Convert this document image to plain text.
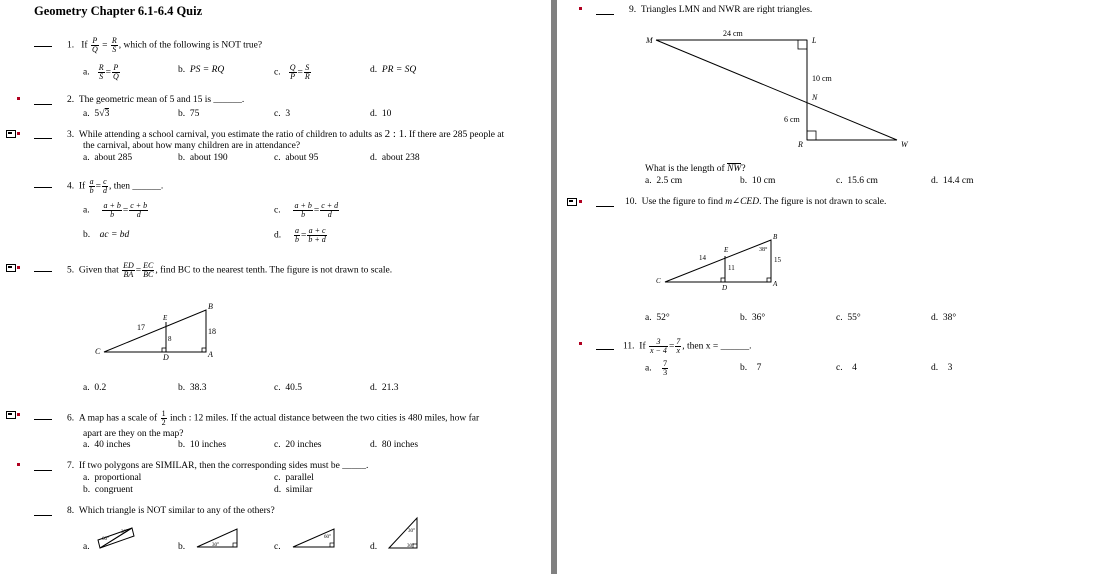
Geometry Chapter 6.1-6.4 Quiz
1. If $\frac{P}{Q} = \frac{R}{S}$ , which of the following is NOT true?
a. $\frac{R}{S} = \frac{P}{Q}$	b. PS = RQ	c. $\frac{Q}{P} = \frac{S}{R}$	d. PR = SQ
2. The geometric mean of 5 and 15 is ______.
a. 5√3	b. 75	c. 3	d. 10
3. While attending a school carnival, you estimate the ratio of children to adults as 2 : 1. If there are 285 people at
the carnival, about how many children are in attendance?
a. about 285	b. about 190	c. about 95	d. about 238
4. If $\frac{a}{b} = \frac{c}{d}$ , then ______.
a. $\frac{a + b}{b} = \frac{c + b}{d}$	c. $\frac{a + b}{b} = \frac{c + d}{d}$
b. ac = bd	d. $\frac{a}{b} = \frac{a + c}{b + d}$
5. Given that $\frac{ED}{BA} = \frac{EC}{BC}$ , find BC to the nearest tenth. The figure is not drawn to scale.
B
E
C
D	A
17
8
18
a. 0.2	b. 38.3	c. 40.5	d. 21.3
6. A map has a scale of $\frac{1}{2}$ inch : 12 miles. If the actual distance between the two cities is 480 miles, how far
apart are they on the map?
a. 40 inches	b. 10 inches	c. 20 inches	d. 80 inches
7. If two polygons are SIMILAR, then the corresponding sides must be _____.
a. proportional
b. congruent
c. parallel
d. similar
8. Which triangle is NOT similar to any of the others?
a.
30°
60°
b.	30°	c.
60°
d.
30°
30°
9. Triangles LMN and NWR are right triangles.
M	L
N
R	W
24 cm
10 cm
6 cm
What is the length of NW?
a. 2.5 cm	b. 10 cm	c. 15.6 cm	d. 14.4 cm
10. Use the figure to find m∠CED. The figure is not drawn to scale.
B
E
C
D	A
14
11
15
38°
a. 52°	b. 36°	c. 55°	d. 38°
11. If $\frac{3}{x - 4} = \frac{7}{x}$ , then x = ______.
a. $\frac{7}{3}$	b. 7	c. 4	d. 3
